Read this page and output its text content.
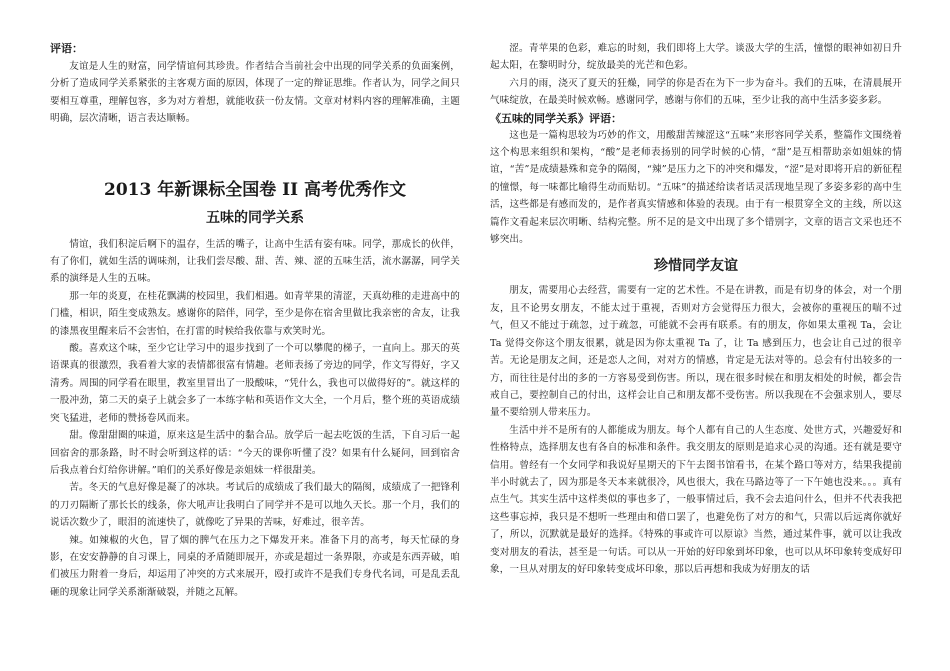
评语：

友谊是人生的财富，同学情谊何其珍贵。作者结合当前社会中出现的同学关系的负面案例，分析了造成同学关系紧张的主客观方面的原因，体现了一定的辩证思维。作者认为，同学之间只要相互尊重，理解包容，多为对方着想，就能收获一份友情。文章对材料内容的理解准确，主题明确，层次清晰，语言表达顺畅。

2013 年新课标全国卷 II 高考优秀作文
五味的同学关系

情谊，我们积淀后啊下的温存，生活的嘴子，让高中生活有姿有味。同学，那成长的伙伴，有了你们，就如生活的调味剂，让我们尝尽酸、甜、苦、辣、涩的五味生活，流水潺潺，同学关系的演绎是人生的五味。

那一年的炎夏，在桂花飘满的校园里，我们相遇。如青苹果的清涩，天真幼稚的走进高中的门槛，相识，陌生变成熟友。感谢你的陪伴，同学，至少是你在宿舍里做比我亲密的舍友，让我的漆黑夜里醒来后不会害怕，在打雷的时候给我依靠与欢笑时光。

酸。喜欢这个味，至少它让学习中的退步找到了一个可以攀爬的梯子，一直向上。那天的英语课真的很激烈，我看着大家的表情都很富有情趣。老师表扬了旁边的同学，作文写得好，字又清秀。周围的同学看在眼里，教室里冒出了一股酸味，“凭什么，我也可以做得好的”。就这样的一股冲劲，第二天的桌子上就会多了一本练字帖和英语作文大全，一个月后，整个班的英语成绩突飞猛进，老师的赞扬卷风而来。

甜。像甜甜圈的味道，原来这是生活中的黏合品。放学后一起去吃饭的生活，下自习后一起回宿舍的那条路，时不时会听到这样的话：“今天的课你听懂了没？如果有什么疑问，回到宿舍后我点着台灯给你讲解。”咱们的关系好像是亲姐妹一样很甜美。

苦。冬天的气息好像是凝了的冰块。考试后的成绩成了我们最大的隔阂，成绩成了一把锋利的刀刃隔断了那长长的线条，你大吼声让我明白了同学并不是可以地久天长。那一个月，我们的说话次数少了，眼泪的流速快了，就像吃了异果的苦味，好难过，很辛苦。

辣。如辣椒的火色，冒了烟的脾气在压力之下爆发开来。准备下月的高考，每天忙碌的身影，在安安静静的自习课上，同桌的矛盾随即展开，亦或是超过一条界限，亦或是东西弄破，咱们被压力附着一身后，却运用了冲突的方式来展开，殴打或许不是我们专身代名词，可是乱丢乱砸的现象让同学关系渐渐破裂，并随之瓦解。

涩。青苹果的色彩，难忘的时刻，我们即将上大学。谈汲大学的生活，憧憬的眼神如初日升起太阳，在黎明时分，绽放最美的光芒和色彩。

六月的雨，浇灭了夏天的狂燥，同学的你是否在为下一步为奋斗。我们的五味，在清晨展开气味绽放，在最美时候欢畅。感谢同学，感谢与你们的五味，至少让我的高中生活多姿多彩。

《五味的同学关系》评语：

这也是一篇构思较为巧妙的作文，用酸甜苦辣涩这“五味”来形容同学关系，整篇作文围绕着这个构思来组织和架构，“酸”是老师表扬别的同学时候的心情，“甜”是互相帮助亲如姐妹的情谊，“苦”是成绩悬殊和竞争的隔阂，“辣”是压力之下的冲突和爆发，“涩”是对即将开启的新征程的憧憬，每一味都比喻得生动而贴切。“五味”的描述给读者话灵活现地呈现了多姿多彩的高中生活，这些都是有感而发的，是作者真实情感和体验的表现。由于有一根贯穿全文的主线，所以这篇作文看起来层次明晰、结构完整。所不足的是文中出现了多个错别字，文章的语言文采也还不够突出。

珍惜同学友谊

朋友，需要用心去经营，需要有一定的艺术性。不是在讲教，而是有切身的体会，对一个朋友，且不论男女朋友，不能太过于重视，否则对方会觉得压力很大，会被你的重视压的喘不过气，但又不能过于疏忽，过于疏忽，可能就不会再有联系。有的朋友，你如果太重视 Ta，会让 Ta 觉得交你这个朋友很累，就是因为你太重视 Ta 了，让 Ta 感到压力，也会让自己过的很辛苦。无论是朋友之间，还是恋人之间，对对方的情感，肯定是无法对等的。总会有付出较多的一方，而往往是付出的多的一方容易受到伤害。所以，现在很多时候在和朋友相处的时候，都会告戒自己，要控制自己的付出，这样会让自己和朋友都不受伤害。所以我现在不会强求别人，要尽量不要给别人带来压力。

生活中并不是所有的人都能成为朋友。每个人都有自己的人生态度、处世方式，兴趣爱好和性格特点，选择朋友也有各自的标准和条件。我交朋友的原则是追求心灵的沟通。还有就是要守信用。曾经有一个女同学和我说好星期天的下午去图书馆看书，在某个路口等对方，结果我提前半小时就去了，因为那是冬天本来就很冷，风也很大，我在马路边等了一下午她也没来。。。真有点生气。其实生活中这样类似的事也多了，一般事情过后，我不会去追问什么，但并不代表我把这些事忘掉，我只是不想听一些理由和借口罢了，也避免伤了对方的和气，只需以后远离你就好了，所以，沉默就是最好的选择。《特殊的事或许可以原谅》当然，通过某件事，就可以让我改变对朋友的看法，甚至是一句话。可以从一开始的好印象到坏印象，也可以从坏印象转变成好印象，一旦从对朋友的好印象转变成坏印象，那以后再想和我成为好朋友的话
